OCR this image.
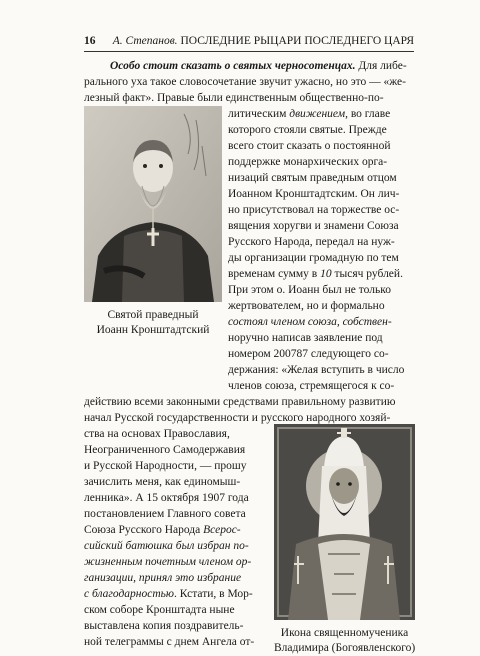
16 А. Степанов. ПОСЛЕДНИЕ РЫЦАРИ ПОСЛЕДНЕГО ЦАРЯ
Особо стоит сказать о святых черносотенцах. Для либе-
рального уха такое словосочетание звучит ужасно, но это — «же-
лезный факт». Правые были единственным общественно-по-
литическим движением, во главе
которого стояли святые. Прежде
всего стоит сказать о постоянной
поддержке монархических орга-
низаций святым праведным отцом
Иоанном Кронштадтским. Он лич-
но присутствовал на торжестве ос-
вящения хоругви и знамени Союза
Русского Народа, передал на нуж-
ды организации громадную по тем
временам сумму в 10 тысяч рублей.
При этом о. Иоанн был не только
жертвователем, но и формально
состоял членом союза, собствен-
норучно написав заявление под
номером 200787 следующего со-
держания: «Желая вступить в число
членов союза, стремящегося к со-
действию всеми законными средствами правильному развитию
начал Русской государственности и русского народного хозяй-
ства на основах Православия,
Неограниченного Самодержавия
и Русской Народности, — прошу
зачислить меня, как единомыш-
ленника». А 15 октября 1907 года
постановлением Главного совета
Союза Русского Народа Всерос-
сийский батюшка был избран по-
жизненным почетным членом ор-
ганизации, принял это избрание
с благодарностью. Кстати, в Мор-
ском соборе Кронштадта ныне
выставлена копия поздравитель-
ной телеграммы с днем Ангела от-
Святой праведный
Иоанн Кронштадтский
Икона священномученика
Владимира (Богоявленского)
